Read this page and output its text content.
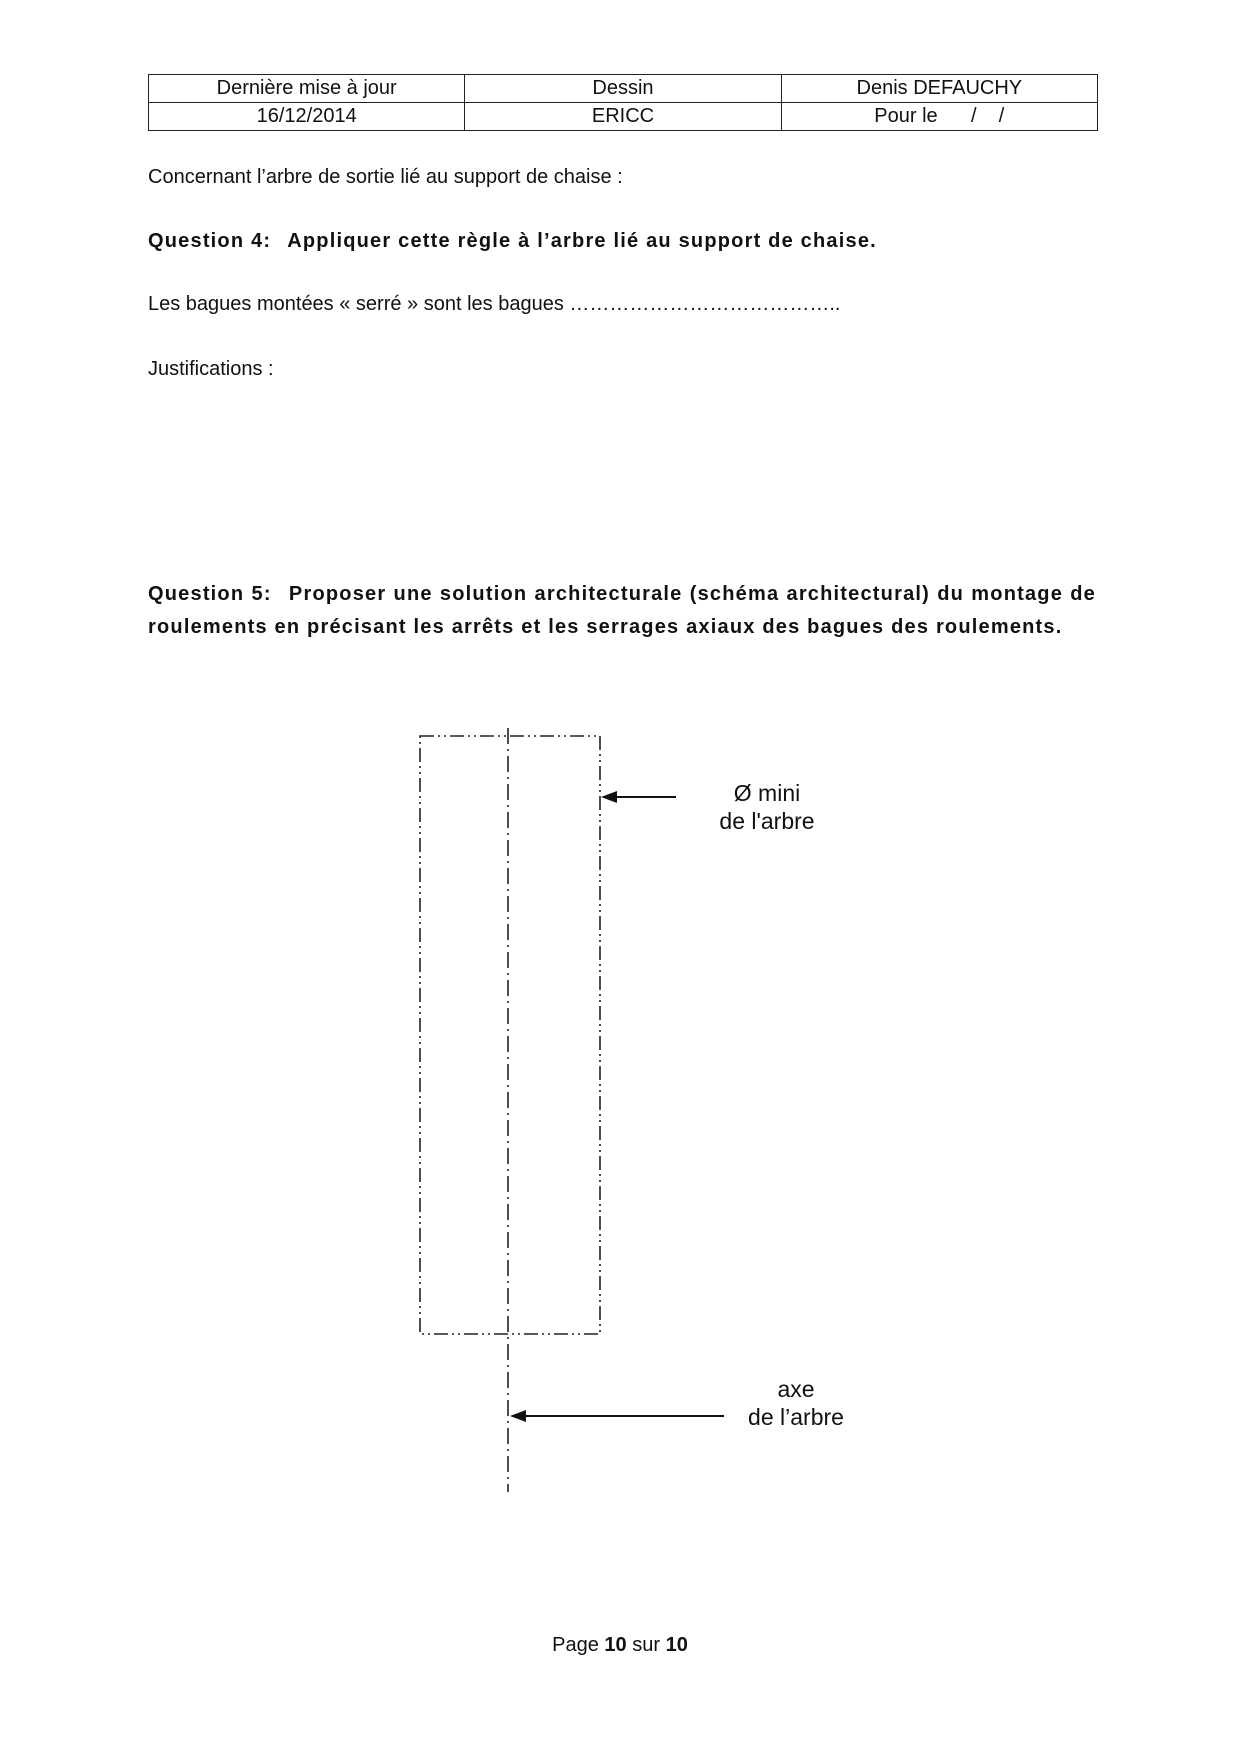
Dernière mise à jour	Dessin	Denis DEFAUCHY
16/12/2014	ERICC	Pour le      /    /

Concernant l’arbre de sortie lié au support de chaise :

Question 4: Appliquer cette règle à l’arbre lié au support de chaise.

Les bagues montées « serré » sont les bagues …………………………………..

Justifications :

Question 5: Proposer une solution architecturale (schéma architectural) du montage de roulements en précisant les arrêts et les serrages axiaux des bagues des roulements.

Ø mini
de l'arbre
axe
de l’arbre
Page 10 sur 10
